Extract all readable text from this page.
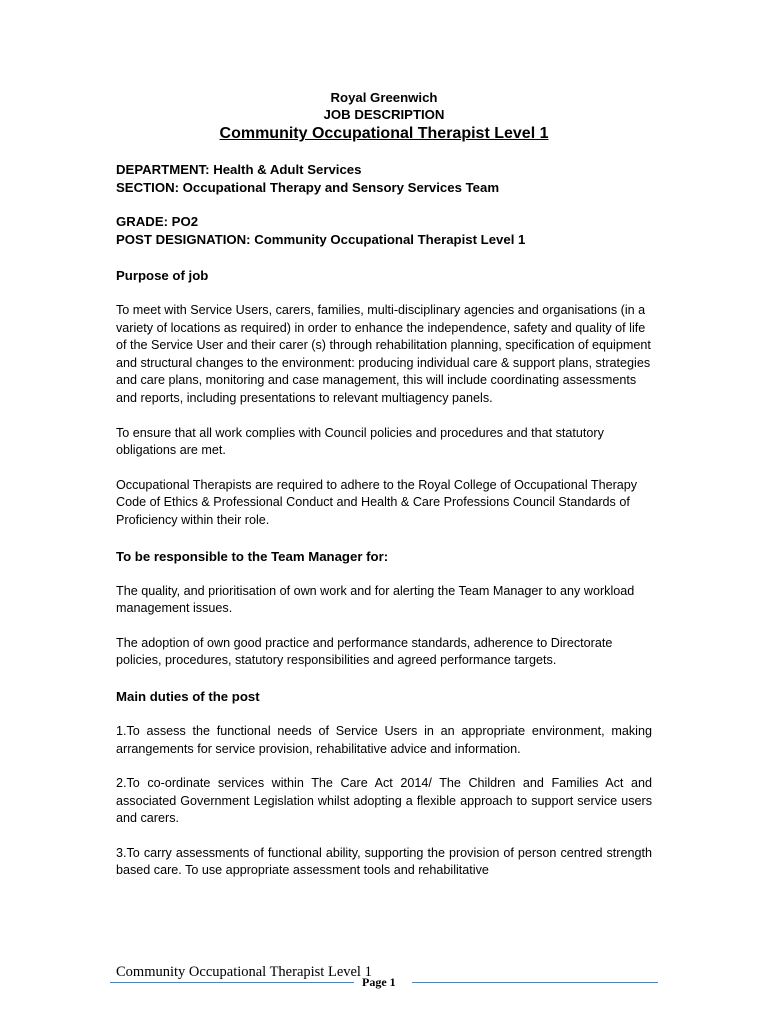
Royal Greenwich
JOB DESCRIPTION
Community Occupational Therapist Level 1
DEPARTMENT: Health & Adult Services
SECTION: Occupational Therapy and Sensory Services Team
GRADE: PO2
POST DESIGNATION: Community Occupational Therapist Level 1
Purpose of job

To meet with Service Users, carers, families, multi-disciplinary agencies and organisations (in a variety of locations as required) in order to enhance the independence, safety and quality of life of the Service User and their carer (s) through rehabilitation planning, specification of equipment and structural changes to the environment: producing individual care & support plans, strategies and care plans, monitoring and case management, this will include coordinating assessments and reports, including presentations to relevant multiagency panels.

To ensure that all work complies with Council policies and procedures and that statutory obligations are met.

Occupational Therapists are required to adhere to the Royal College of Occupational Therapy Code of Ethics & Professional Conduct and Health & Care Professions Council Standards of Proficiency within their role.

To be responsible to the Team Manager for:

The quality, and prioritisation of own work and for alerting the Team Manager to any workload management issues.

The adoption of own good practice and performance standards, adherence to Directorate policies, procedures, statutory responsibilities and agreed performance targets.

Main duties of the post

1.To assess the functional needs of Service Users in an appropriate environment, making arrangements for service provision, rehabilitative advice and information.

2.To co-ordinate services within The Care Act 2014/ The Children and Families Act and associated Government Legislation whilst adopting a flexible approach to support service users and carers.

3.To carry assessments of functional ability, supporting the provision of person centred strength based care. To use appropriate assessment tools and rehabilitative

Community Occupational Therapist Level 1
Page 1
